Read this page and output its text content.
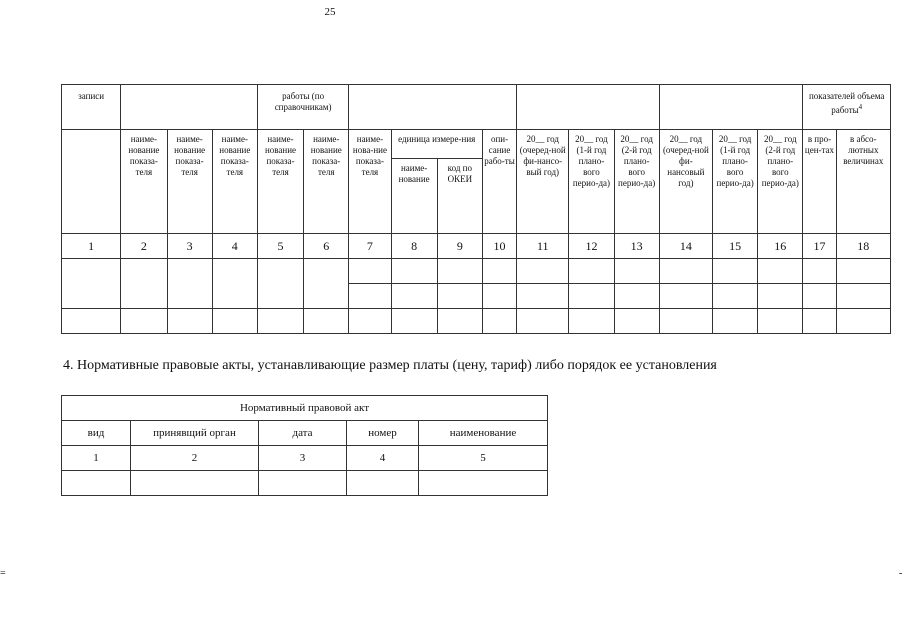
25
записи				работы (по справочникам)												показателей объема работы$^4$
	наиме-нование показа-теля	наиме-нование показа-теля	наиме-нование показа-теля	наиме-нование показа-теля	наиме-нование показа-теля	наиме-нова-ние показа-теля	единица измере-ния		опи-сание рабо-ты	20__ год (очеред-ной фи-нансо-вый год)	20__ год (1-й год плано-вого перио-да)	20__ год (2-й год плано-вого перио-да)	20__ год (очеред-ной фи-нансовый год)	20__ год (1-й год плано-вого перио-да)	20__ год (2-й год плано-вого перио-да)	в про-цен-тах	в абсо-лютных величинах
							наиме-нование	код по ОКЕИ									
1	2	3	4	5	6	7	8	9	10	11	12	13	14	15	16	17	18

4. Нормативные правовые акты, устанавливающие размер платы (цену, тариф) либо порядок ее установления
Нормативный правовой акт				
вид	принявщий орган	дата	номер	наименование
1	2	3	4	5

=	-
